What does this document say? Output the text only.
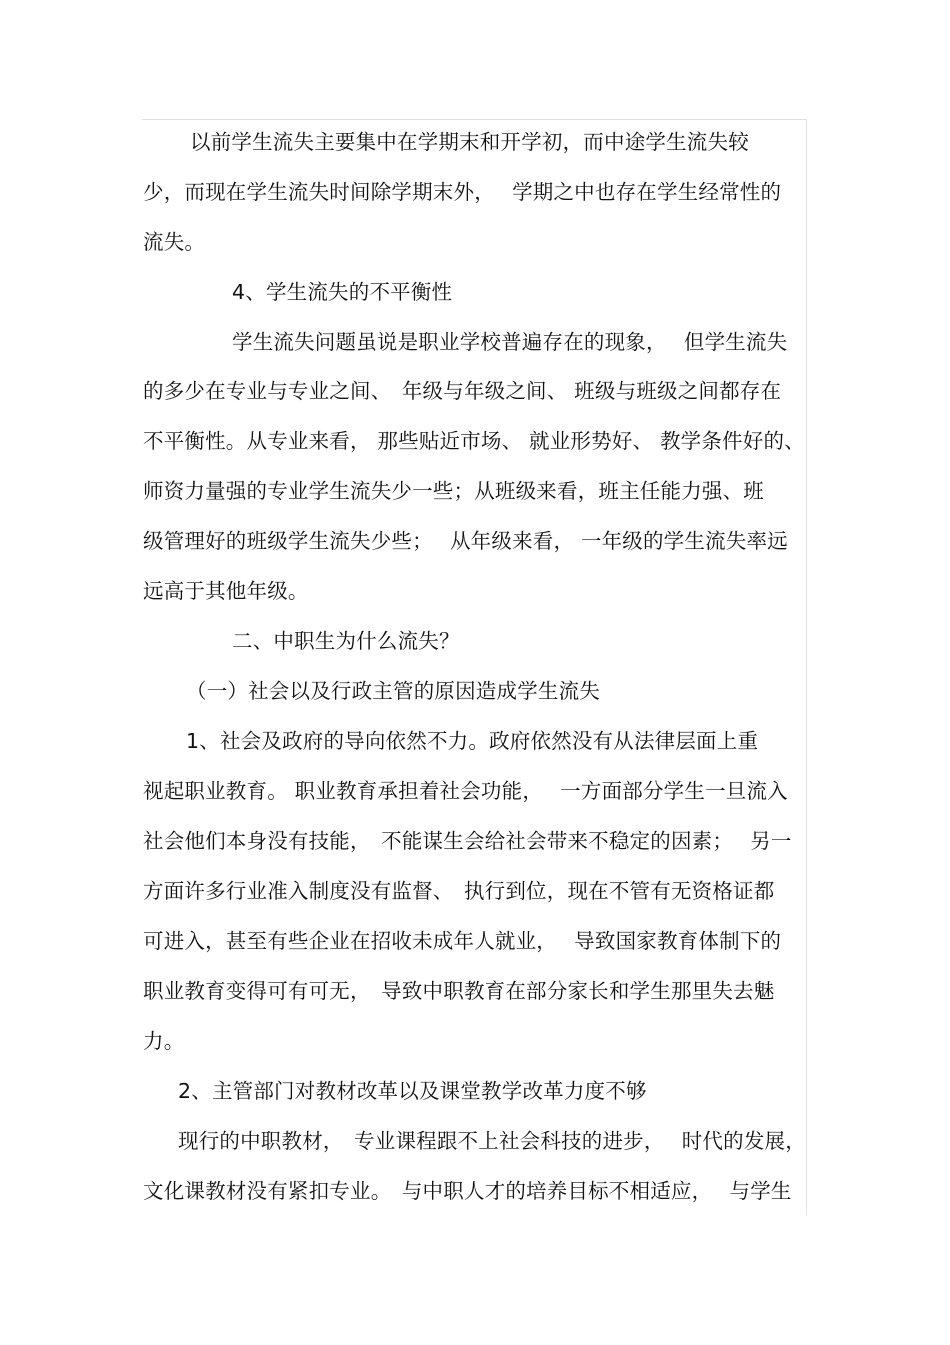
以前学生流失主要集中在学期末和开学初，而中途学生流失较
少，而现在学生流失时间除学期末外，　 学期之中也存在学生经常性的
流失。
4、学生流失的不平衡性
学生流失问题虽说是职业学校普遍存在的现象，　 但学生流失
的多少在专业与专业之间、　年级与年级之间、 班级与班级之间都存在
不平衡性。从专业来看， 那些贴近市场、 就业形势好、 教学条件好的、
师资力量强的专业学生流失少一些；从班级来看，班主任能力强、班
级管理好的班级学生流失少些；　 从年级来看， 一年级的学生流失率远
远高于其他年级。
二、中职生为什么流失？
（一）社会以及行政主管的原因造成学生流失
1、社会及政府的导向依然不力。政府依然没有从法律层面上重
视起职业教育。 职业教育承担着社会功能，　 一方面部分学生一旦流入
社会他们本身没有技能，　不能谋生会给社会带来不稳定的因素；　 另一
方面许多行业准入制度没有监督、　执行到位，现在不管有无资格证都
可进入，甚至有些企业在招收未成年人就业，　 导致国家教育体制下的
职业教育变得可有可无，　导致中职教育在部分家长和学生那里失去魅
力。
2、主管部门对教材改革以及课堂教学改革力度不够
现行的中职教材，　专业课程跟不上社会科技的进步，　 时代的发展，
文化课教材没有紧扣专业。　与中职人才的培养目标不相适应，　 与学生
